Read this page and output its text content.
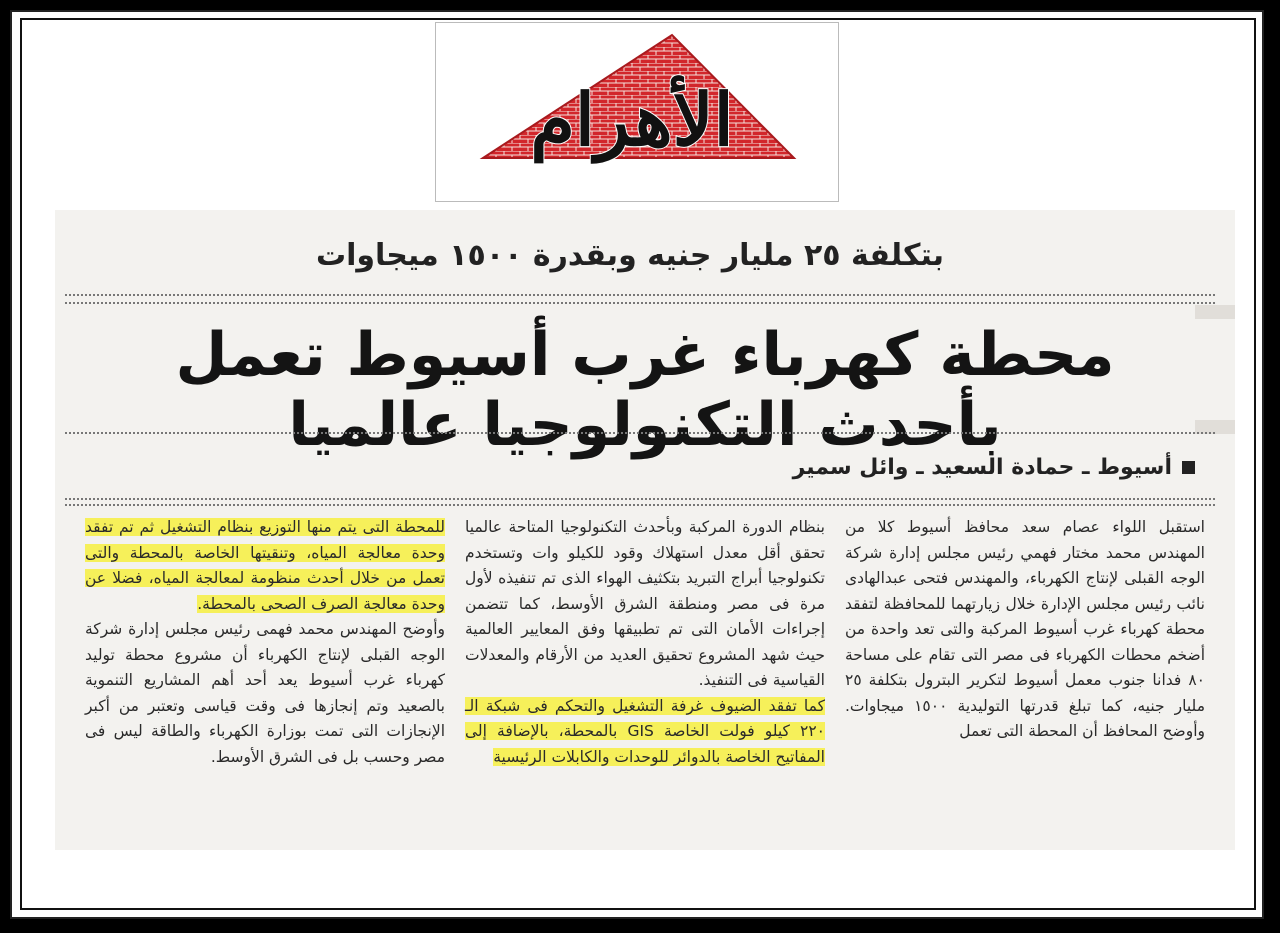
الأهرام
بتكلفة ٢٥ مليار جنيه وبقدرة ١٥٠٠ ميجاوات
محطة كهرباء غرب أسيوط تعمل بأحدث التكنولوجيا عالميا
أسيوط ـ حمادة السعيد ـ وائل سمير

استقبل اللواء عصام سعد محافظ أسيوط كلا من المهندس محمد مختار فهمي رئيس مجلس إدارة شركة الوجه القبلى لإنتاج الكهرباء، والمهندس فتحى عبدالهادى نائب رئيس مجلس الإدارة خلال زيارتهما للمحافظة لتفقد محطة كهرباء غرب أسيوط المركبة والتى تعد واحدة من أضخم محطات الكهرباء فى مصر التى تقام على مساحة ٨٠ فدانا جنوب معمل أسيوط لتكرير البترول بتكلفة ٢٥ مليار جنيه، كما تبلغ قدرتها التوليدية ١٥٠٠ ميجاوات. وأوضح المحافظ أن المحطة التى تعمل

بنظام الدورة المركبة وبأحدث التكنولوجيا المتاحة عالميا تحقق أقل معدل استهلاك وقود للكيلو وات وتستخدم تكنولوجيا أبراج التبريد بتكثيف الهواء الذى تم تنفيذه لأول مرة فى مصر ومنطقة الشرق الأوسط، كما تتضمن إجراءات الأمان التى تم تطبيقها وفق المعايير العالمية حيث شهد المشروع تحقيق العديد من الأرقام والمعدلات القياسية فى التنفيذ.

كما تفقد الضيوف غرفة التشغيل والتحكم فى شبكة الـ ٢٢٠ كيلو فولت الخاصة GIS بالمحطة، بالإضافة إلى المفاتيح الخاصة بالدوائر للوحدات والكابلات الرئيسية

للمحطة التى يتم منها التوزيع بنظام التشغيل ثم تم تفقد وحدة معالجة المياه، وتنقيتها الخاصة بالمحطة والتى تعمل من خلال أحدث منظومة لمعالجة المياه، فضلا عن وحدة معالجة الصرف الصحى بالمحطة.

وأوضح المهندس محمد فهمى رئيس مجلس إدارة شركة الوجه القبلى لإنتاج الكهرباء أن مشروع محطة توليد كهرباء غرب أسيوط يعد أحد أهم المشاريع التنموية بالصعيد وتم إنجازها فى وقت قياسى وتعتبر من أكبر الإنجازات التى تمت بوزارة الكهرباء والطاقة ليس فى مصر وحسب بل فى الشرق الأوسط.
